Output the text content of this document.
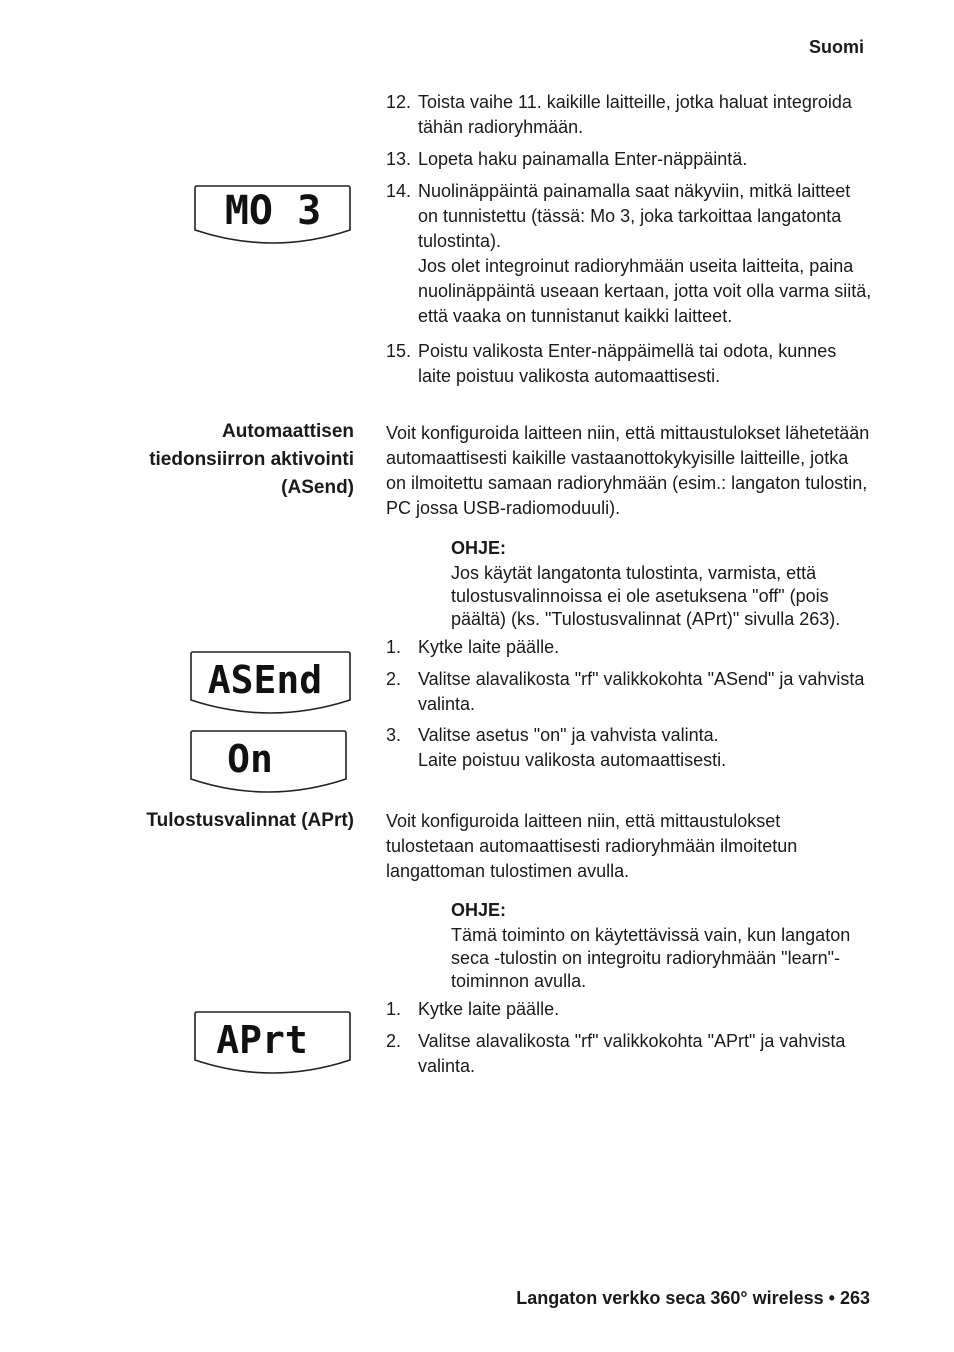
Suomi
MO 3
12. Toista vaihe 11. kaikille laitteille, jotka haluat integroida tähän radioryhmään.

13. Lopeta haku painamalla Enter-näppäintä.

14. Nuolinäppäintä painamalla saat näkyviin, mitkä laitteet on tunnistettu (tässä: Mo 3, joka tarkoittaa langatonta tulostinta).

Jos olet integroinut radioryhmään useita laitteita, paina nuolinäppäintä useaan kertaan, jotta voit olla varma siitä, että vaaka on tunnistanut kaikki laitteet.

15. Poistu valikosta Enter-näppäimellä tai odota, kunnes laite poistuu valikosta automaattisesti.

Automaattisen tiedonsiirron aktivointi (ASend)

Voit konfiguroida laitteen niin, että mittaustulokset lähetetään automaattisesti kaikille vastaanottokykyisille laitteille, jotka on ilmoitettu samaan radioryhmään (esim.: langaton tulostin, PC jossa USB-radiomoduuli).

OHJE:
Jos käytät langatonta tulostinta, varmista, että tulostusvalinnoissa ei ole asetuksena "off" (pois päältä) (ks. "Tulostusvalinnat (APrt)" sivulla 263).
ASEnd
On
1. Kytke laite päälle.

2. Valitse alavalikosta "rf" valikkokohta "ASend" ja vahvista valinta.

3. Valitse asetus "on" ja vahvista valinta.

Laite poistuu valikosta automaattisesti.

Tulostusvalinnat (APrt) Voit konfiguroida laitteen niin, että mittaustulokset tulostetaan automaattisesti radioryhmään ilmoitetun langattoman tulostimen avulla.

OHJE:
Tämä toiminto on käytettävissä vain, kun langaton seca -tulostin on integroitu radioryhmään "learn"-toiminnon avulla.
APrt
1. Kytke laite päälle.

2. Valitse alavalikosta "rf" valikkokohta "APrt" ja vahvista valinta.

Langaton verkko seca 360° wireless • 263
